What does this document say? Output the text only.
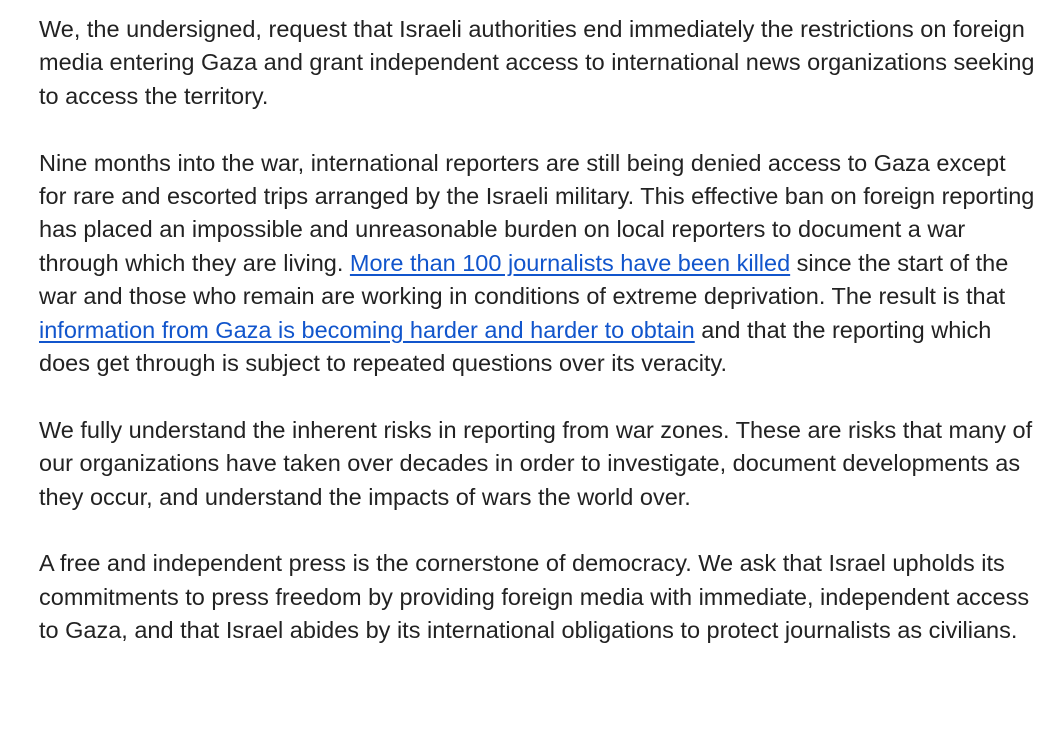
We, the undersigned, request that Israeli authorities end immediately the restrictions on foreign media entering Gaza and grant independent access to international news organizations seeking to access the territory.

Nine months into the war, international reporters are still being denied access to Gaza except for rare and escorted trips arranged by the Israeli military. This effective ban on foreign reporting has placed an impossible and unreasonable burden on local reporters to document a war through which they are living. More than 100 journalists have been killed since the start of the war and those who remain are working in conditions of extreme deprivation. The result is that information from Gaza is becoming harder and harder to obtain and that the reporting which does get through is subject to repeated questions over its veracity.

We fully understand the inherent risks in reporting from war zones. These are risks that many of our organizations have taken over decades in order to investigate, document developments as they occur, and understand the impacts of wars the world over.

A free and independent press is the cornerstone of democracy. We ask that Israel upholds its commitments to press freedom by providing foreign media with immediate, independent access to Gaza, and that Israel abides by its international obligations to protect journalists as civilians.
